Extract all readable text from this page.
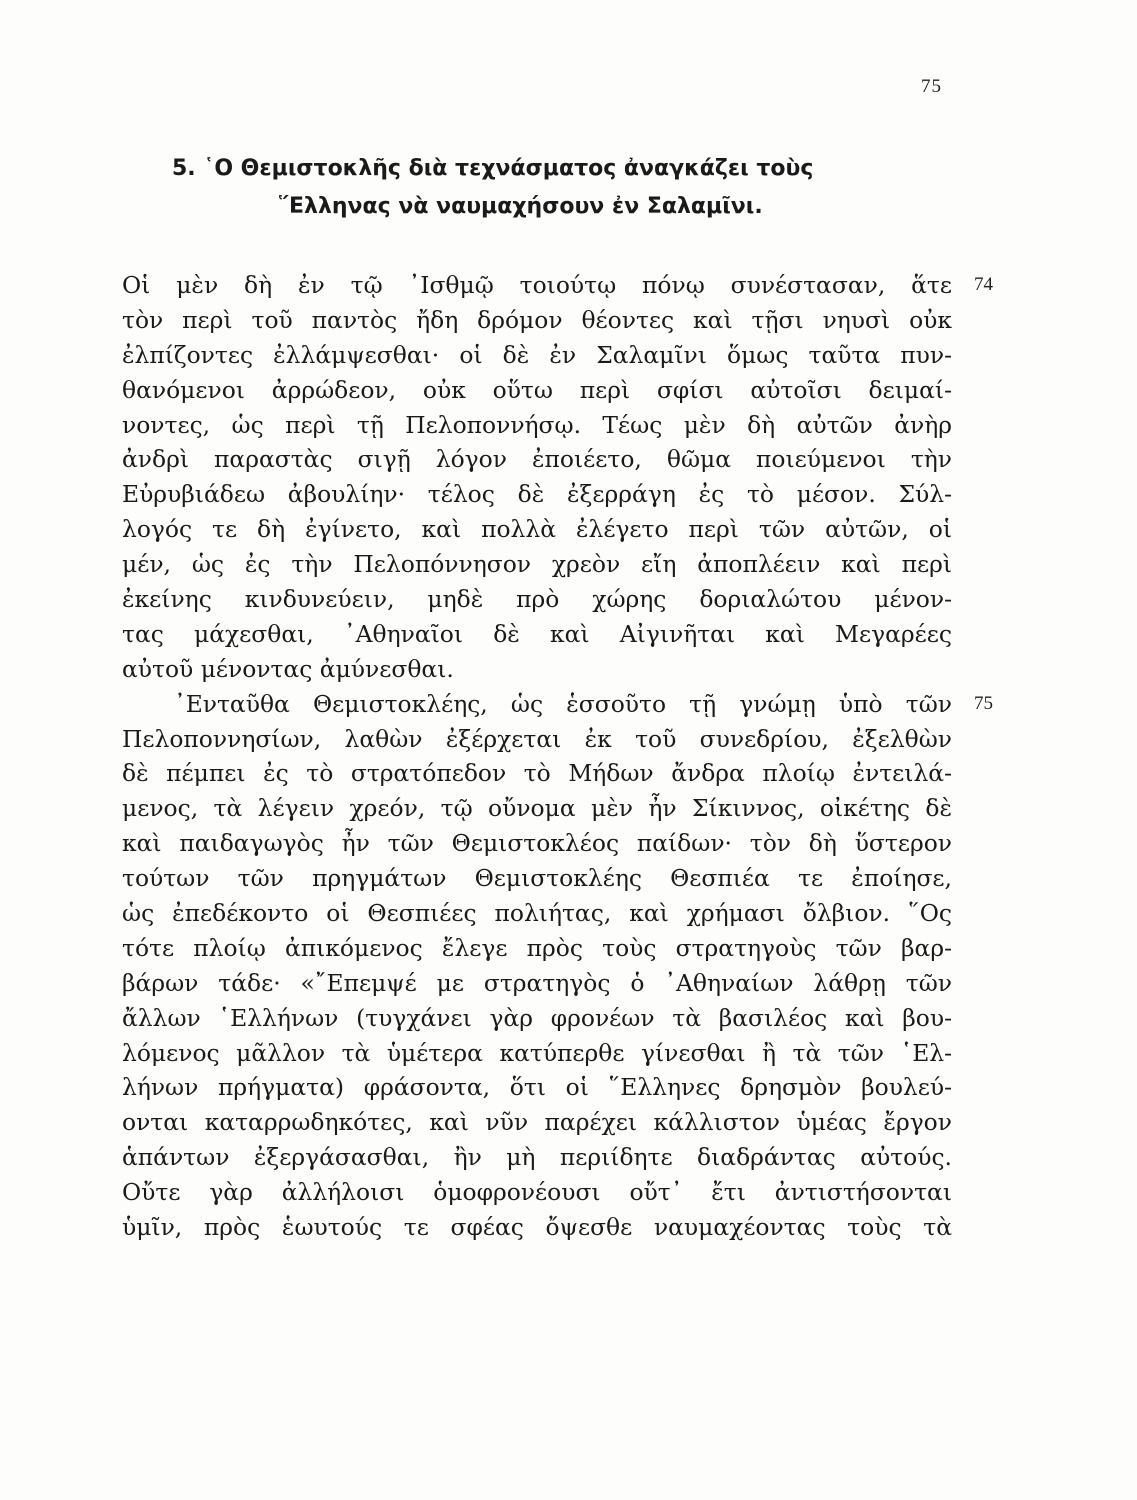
75
5. ῾Ο Θεμιστοκλῆς διὰ τεχνάσματος ἀναγκάζει τοὺς
῞Ελληνας νὰ ναυμαχήσουν ἐν Σαλαμῖνι.
Οἱ μὲν δὴ ἐν τῷ ᾿Ισθμῷ τοιούτῳ πόνῳ συνέστασαν, ἅτε 74
τὸν περὶ τοῦ παντὸς ἤδη δρόμον θέοντες καὶ τῇσι νηυσὶ οὐκ
ἐλπίζοντες ἐλλάμψεσθαι· οἱ δὲ ἐν Σαλαμῖνι ὅμως ταῦτα πυν-
θανόμενοι ἀρρώδεον, οὐκ οὕτω περὶ σφίσι αὐτοῖσι δειμαί-
νοντες, ὡς περὶ τῇ Πελοποννήσῳ. Τέως μὲν δὴ αὐτῶν ἀνὴρ
ἀνδρὶ παραστὰς σιγῇ λόγον ἐποιέετο, θῶμα ποιεύμενοι τὴν
Εὐρυβιάδεω ἀβουλίην· τέλος δὲ ἐξερράγη ἐς τὸ μέσον. Σύλ-
λογός τε δὴ ἐγίνετο, καὶ πολλὰ ἐλέγετο περὶ τῶν αὐτῶν, οἱ
μέν, ὡς ἐς τὴν Πελοπόννησον χρεὸν εἴη ἀποπλέειν καὶ περὶ
ἐκείνης κινδυνεύειν, μηδὲ πρὸ χώρης δοριαλώτου μένον-
τας μάχεσθαι, ᾿Αθηναῖοι δὲ καὶ Αἰγινῆται καὶ Μεγαρέες
αὐτοῦ μένοντας ἀμύνεσθαι.
᾿Ενταῦθα Θεμιστοκλέης, ὡς ἑσσοῦτο τῇ γνώμῃ ὑπὸ τῶν 75
Πελοποννησίων, λαθὼν ἐξέρχεται ἐκ τοῦ συνεδρίου, ἐξελθὼν
δὲ πέμπει ἐς τὸ στρατόπεδον τὸ Μήδων ἄνδρα πλοίῳ ἐντειλά-
μενος, τὰ λέγειν χρεόν, τῷ οὔνομα μὲν ἦν Σίκιννος, οἰκέτης δὲ
καὶ παιδαγωγὸς ἦν τῶν Θεμιστοκλέος παίδων· τὸν δὴ ὕστερον
τούτων τῶν πρηγμάτων Θεμιστοκλέης Θεσπιέα τε ἐποίησε,
ὡς ἐπεδέκοντο οἱ Θεσπιέες πολιήτας, καὶ χρήμασι ὄλβιον. ῞Ος
τότε πλοίῳ ἀπικόμενος ἔλεγε πρὸς τοὺς στρατηγοὺς τῶν βαρ-
βάρων τάδε· «῎Επεμψέ με στρατηγὸς ὁ ᾿Αθηναίων λάθρῃ τῶν
ἄλλων ῾Ελλήνων (τυγχάνει γὰρ φρονέων τὰ βασιλέος καὶ βου-
λόμενος μᾶλλον τὰ ὑμέτερα κατύπερθε γίνεσθαι ἢ τὰ τῶν ῾Ελ-
λήνων πρήγματα) φράσοντα, ὅτι οἱ ῞Ελληνες δρησμὸν βουλεύ-
ονται καταρρωδηκότες, καὶ νῦν παρέχει κάλλιστον ὑμέας ἔργον
ἁπάντων ἐξεργάσασθαι, ἢν μὴ περιίδητε διαδράντας αὐτούς.
Οὔτε γὰρ ἀλλήλοισι ὁμοφρονέουσι οὔτ᾿ ἔτι ἀντιστήσονται
ὑμῖν, πρὸς ἑωυτούς τε σφέας ὄψεσθε ναυμαχέοντας τοὺς τὰ
